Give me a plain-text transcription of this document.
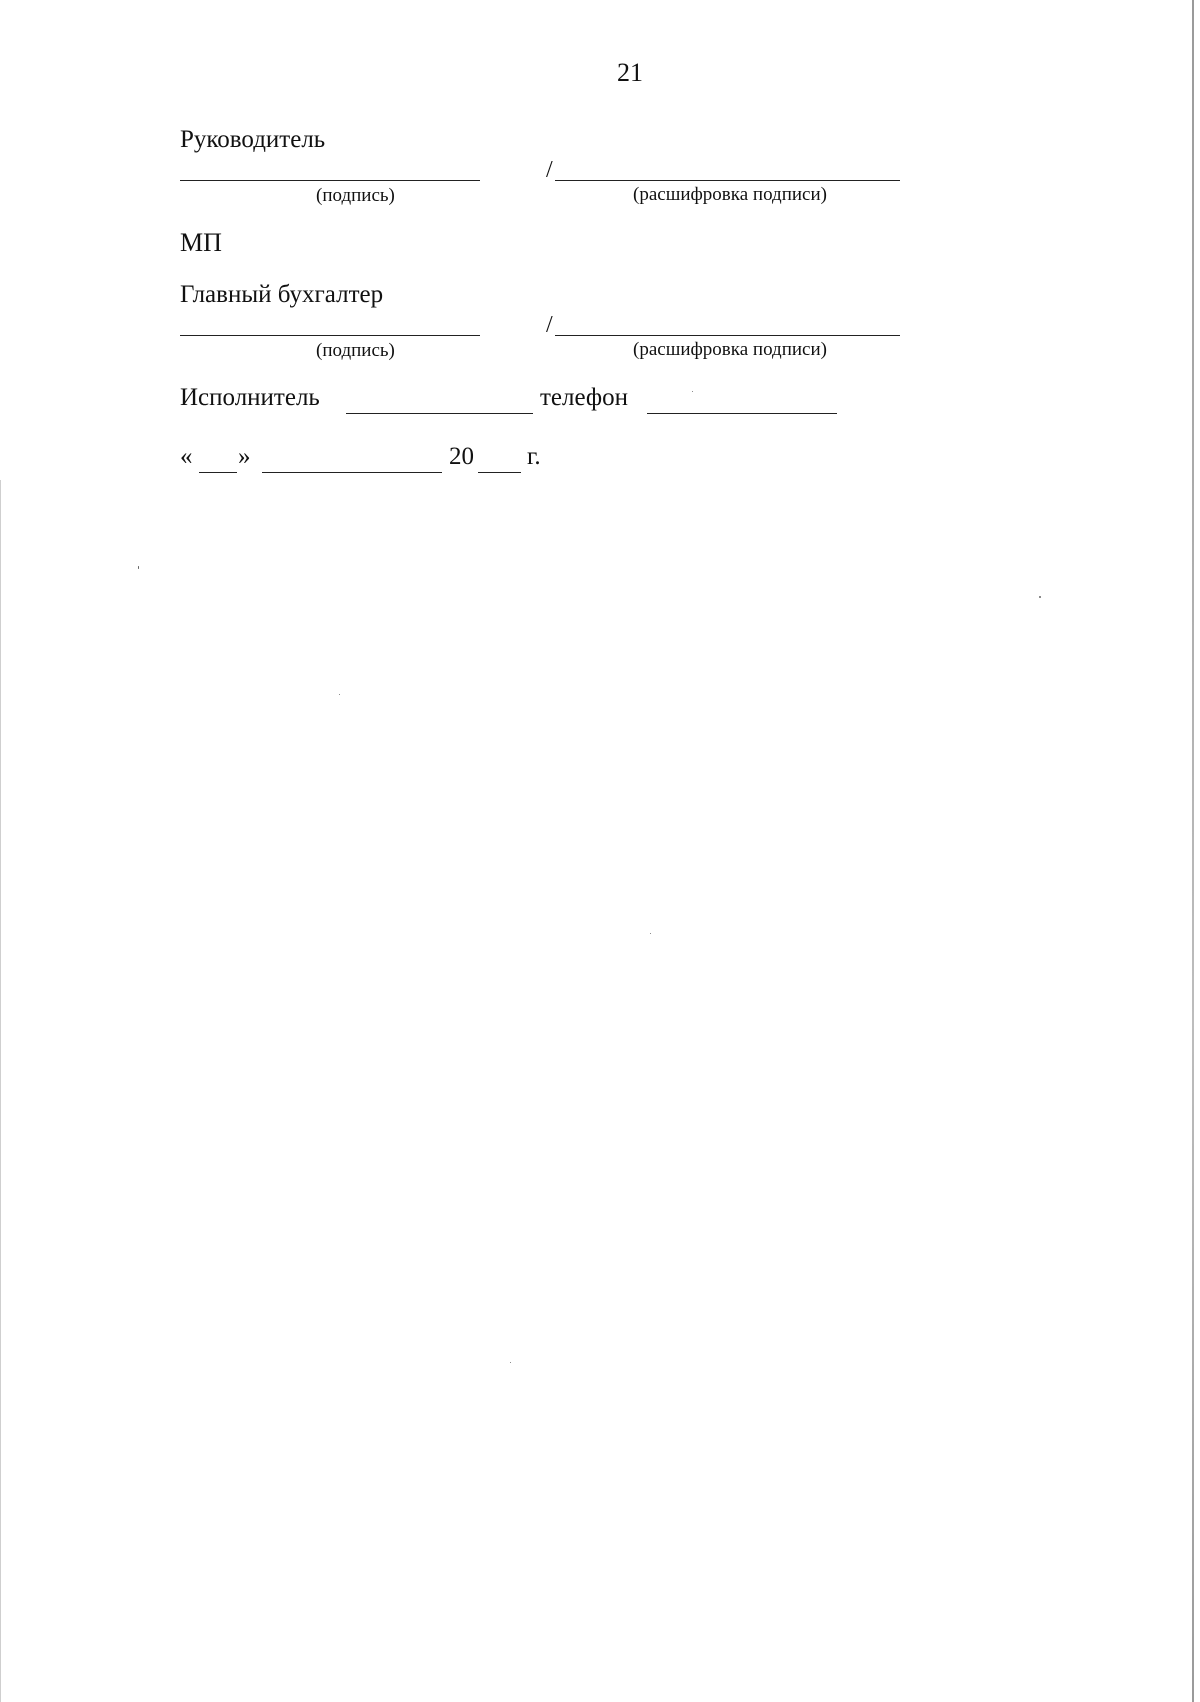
21
Руководитель
/
(подпись)	(расшифровка подписи)
МП
Главный бухгалтер
/
(подпись)	(расшифровка подписи)
Исполнитель	телефон
« »	20 г.
